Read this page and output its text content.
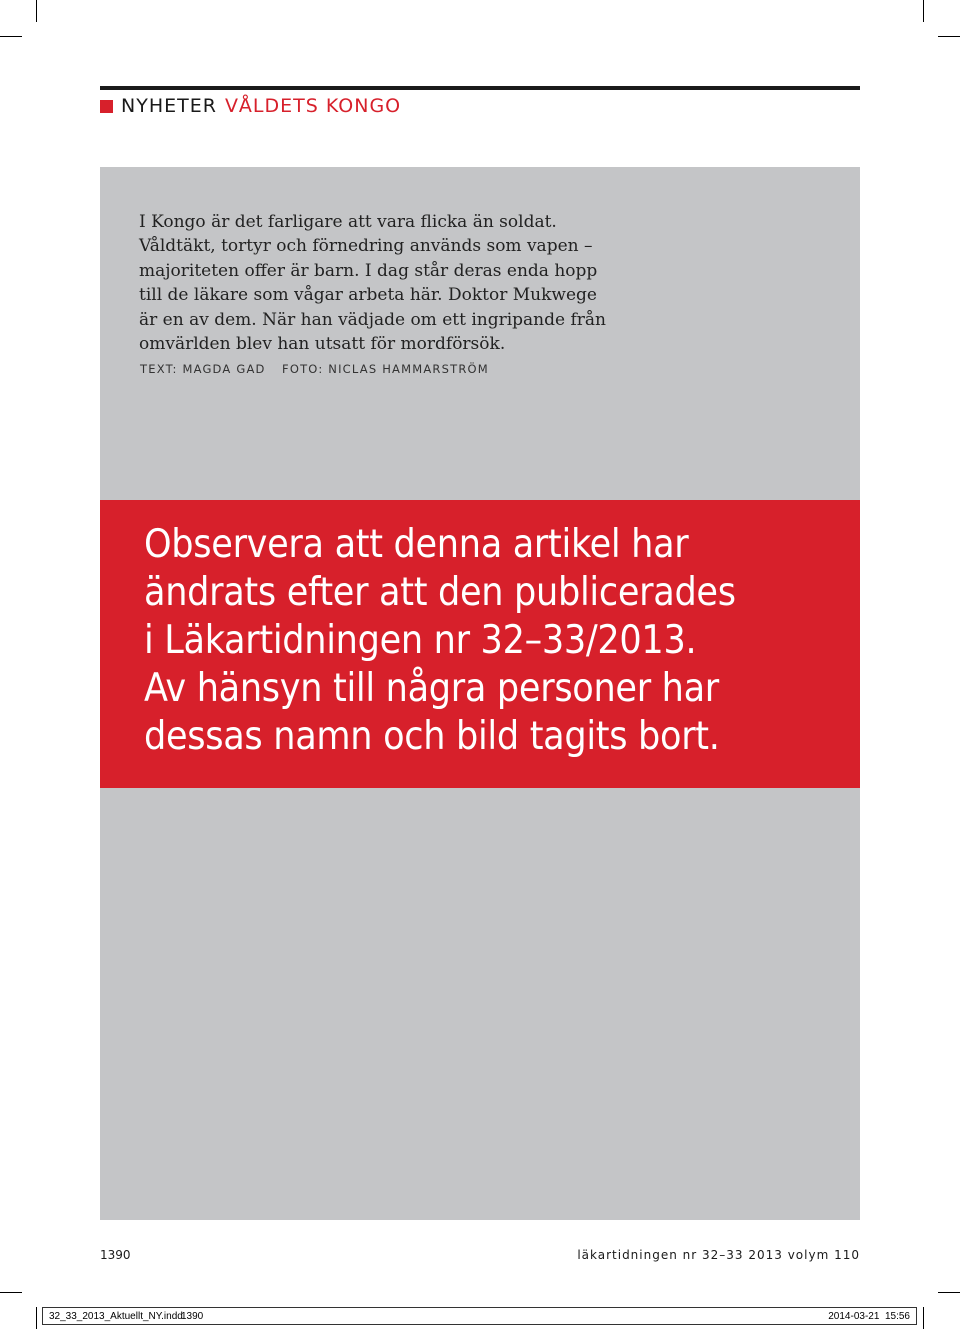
NYHETER VÅLDETS KONGO

I Kongo är det farligare att vara flicka än soldat.
Våldtäkt, tortyr och förnedring används som vapen –
majoriteten offer är barn. I dag står deras enda hopp
till de läkare som vågar arbeta här. Doktor Mukwege
är en av dem. När han vädjade om ett ingripande från
omvärlden blev han utsatt för mordförsök.

TEXT: MAGDA GAD FOTO: NICLAS HAMMARSTRÖM

Observera att denna artikel har
ändrats efter att den publicerades
i Läkartidningen nr 32–33/2013.
Av hänsyn till några personer har
dessas namn och bild tagits bort.

1390	läkartidningen nr 32–33 2013 volym 110
32_33_2013_Aktuellt_NY.indd
1390	2014-03-21 15:56
